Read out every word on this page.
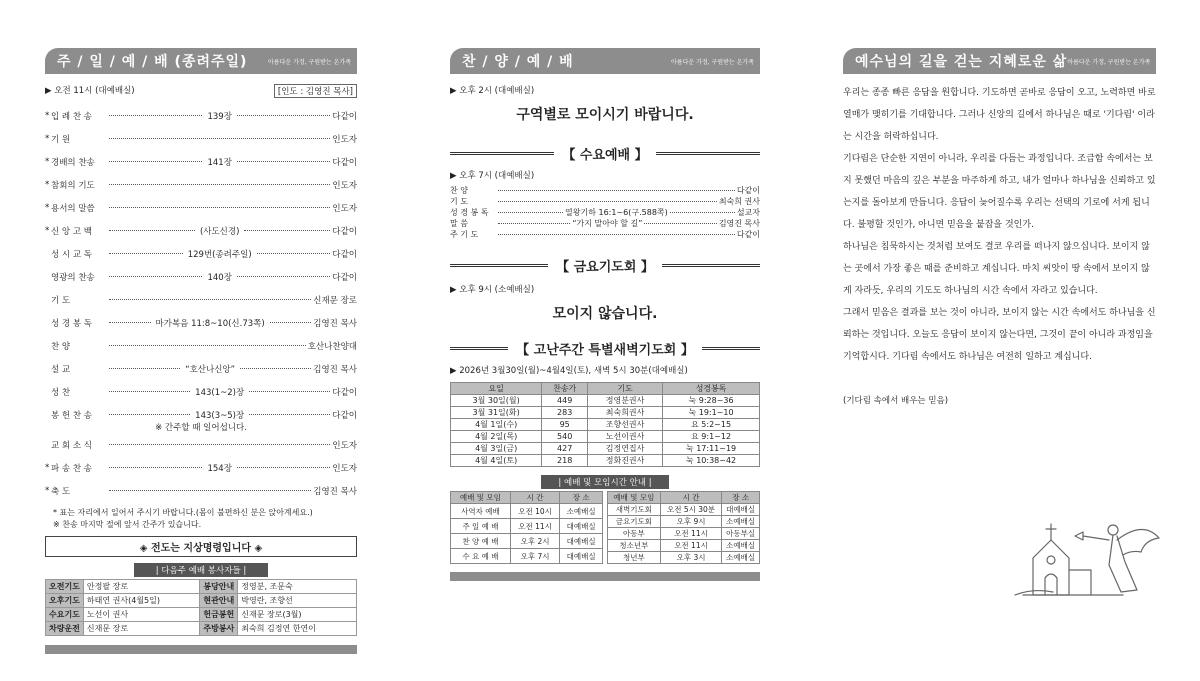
주 / 일 / 예 / 배 (종려주일)	아름다운 가정, 구원받는 온가족
▶ 오전 11시 (대예배실)	[인도 : 김영진 목사]
* 입 례 찬 송	139장	다같이
* 기 원	인도자
* 경배의 찬송	141장	다같이
* 참회의 기도	인도자
* 용서의 말씀	인도자
* 신 앙 고 백	(사도신경)	다같이
성 시 교 독	129번(종려주일)	다같이
영광의 찬송	140장	다같이
기 도	신재문 장로
성 경 봉 독	마가복음 11:8~10(신.73쪽)	김영진 목사
찬 양	호산나찬양대
설 교	“호산나신앙”	김영진 목사
성 찬	143(1~2)장	다같이
봉 헌 찬 송	143(3~5)장	다같이
※ 간주할 때 일어섭니다.
교 회 소 식	인도자
* 파 송 찬 송	154장	인도자
* 축 도	김영진 목사
* 표는 자리에서 일어서 주시기 바랍니다.(몸이 불편하신 분은 앉아계세요.)
※ 찬송 마지막 절에 앞서 간주가 있습니다.
◈ 전도는 지상명령입니다 ◈
| 다음주 예배 봉사자들 |
오전기도	안정팔 장로	봉당안내	정영분, 조문숙
오후기도	하태연 권사(4월5일)	현관안내	박영란, 조향선
수요기도	노선이 권사	헌금봉헌	신재문 장로(3월)
차량운전	신재문 장로	주방봉사	최숙희 김정연 한연이
찬 / 양 / 예 / 배	아름다운 가정, 구원받는 온가족
▶ 오후 2시 (대예배실)
구역별로 모이시기 바랍니다.
【 수요예배 】
▶ 오후 7시 (대예배실)
찬 양	다같이
기 도	최숙희 권사
성 경 봉 독	열왕기하 16:1~6(구.588쪽)	설교자
말 씀	“가지 말아야 할 길”	김영진 목사
주 기 도	다같이
【 금요기도회 】
▶ 오후 9시 (소예배실)
모이지 않습니다.
【 고난주간 특별새벽기도회 】
▶ 2026년 3월30일(월)~4월4일(토), 새벽 5시 30분(대예배실)
요일	찬송가	기도	성경봉독
3월 30일(월)	449	정영분권사	눅 9:28~36
3월 31일(화)	283	최숙희권사	눅 19:1~10
4월 1일(수)	95	조향선권사	요 5:2~15
4월 2일(목)	540	노선이권사	요 9:1~12
4월 3일(금)	427	김정연집사	눅 17:11~19
4월 4일(토)	218	정화진권사	눅 10:38~42
| 예배 및 모임시간 안내 |
예배 및 모임	시 간	장 소
사역자 예배	오전 10시	소예배실
주 일 예 배	오전 11시	대예배실
찬 양 예 배	오후 2시	대예배실
수 요 예 배	오후 7시	대예배실
예배 및 모임	시 간	장 소
새벽기도회	오전 5시 30분	대예배실
금요기도회	오후 9시	소예배실
아동부	오전 11시	아동부실
청소년부	오전 11시	소예배실
청년부	오후 3시	소예배실
예수님의 길을 걷는 지혜로운 삶 아름다운 가정, 구원받는 온가족

우리는 종종 빠른 응답을 원합니다. 기도하면 곧바로 응답이 오고, 노력하면 바로 열매가 맺히기를 기대합니다. 그러나 신앙의 길에서 하나님은 때로 '기다림' 이라는 시간을 허락하십니다.

기다림은 단순한 지연이 아니라, 우리를 다듬는 과정입니다. 조급함 속에서는 보지 못했던 마음의 깊은 부분을 마주하게 하고, 내가 얼마나 하나님을 신뢰하고 있는지를 돌아보게 만듭니다. 응답이 늦어질수록 우리는 선택의 기로에 서게 됩니다. 불평할 것인가, 아니면 믿음을 붙잡을 것인가.

하나님은 침묵하시는 것처럼 보여도 결코 우리를 떠나지 않으십니다. 보이지 않는 곳에서 가장 좋은 때를 준비하고 계십니다. 마치 씨앗이 땅 속에서 보이지 않게 자라듯, 우리의 기도도 하나님의 시간 속에서 자라고 있습니다.

그래서 믿음은 결과를 보는 것이 아니라, 보이지 않는 시간 속에서도 하나님을 신뢰하는 것입니다. 오늘도 응답이 보이지 않는다면, 그것이 끝이 아니라 과정임을 기억합시다. 기다림 속에서도 하나님은 여전히 일하고 계십니다.

(기다림 속에서 배우는 믿음)
